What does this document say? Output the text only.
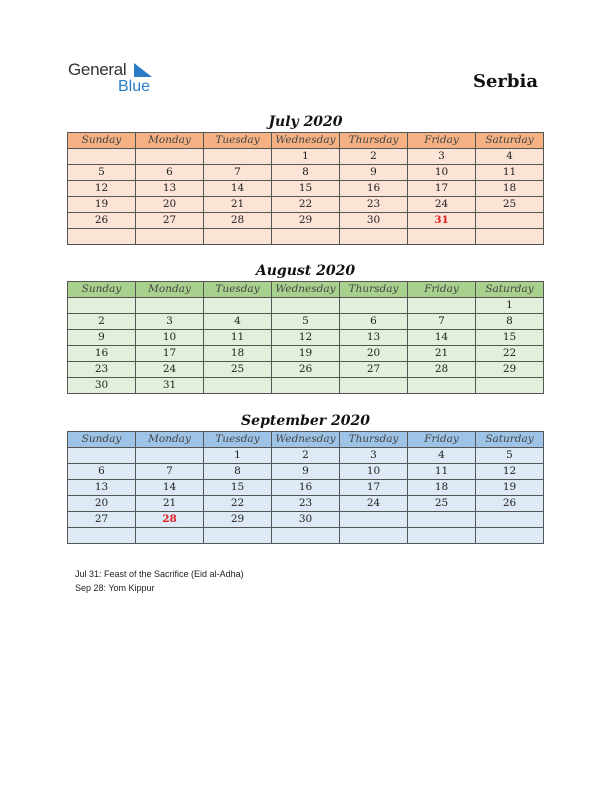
General
Blue	Serbia
July 2020
Sunday	Monday	Tuesday	Wednesday	Thursday	Friday	Saturday
			1	2	3	4
5	6	7	8	9	10	11
12	13	14	15	16	17	18
19	20	21	22	23	24	25
26	27	28	29	30	31	

August 2020
Sunday	Monday	Tuesday	Wednesday	Thursday	Friday	Saturday
						1
2	3	4	5	6	7	8
9	10	11	12	13	14	15
16	17	18	19	20	21	22
23	24	25	26	27	28	29
30	31					
September 2020
Sunday	Monday	Tuesday	Wednesday	Thursday	Friday	Saturday
		1	2	3	4	5
6	7	8	9	10	11	12
13	14	15	16	17	18	19
20	21	22	23	24	25	26
27	28	29	30			

Jul 31: Feast of the Sacrifice (Eid al-Adha)
Sep 28: Yom Kippur
